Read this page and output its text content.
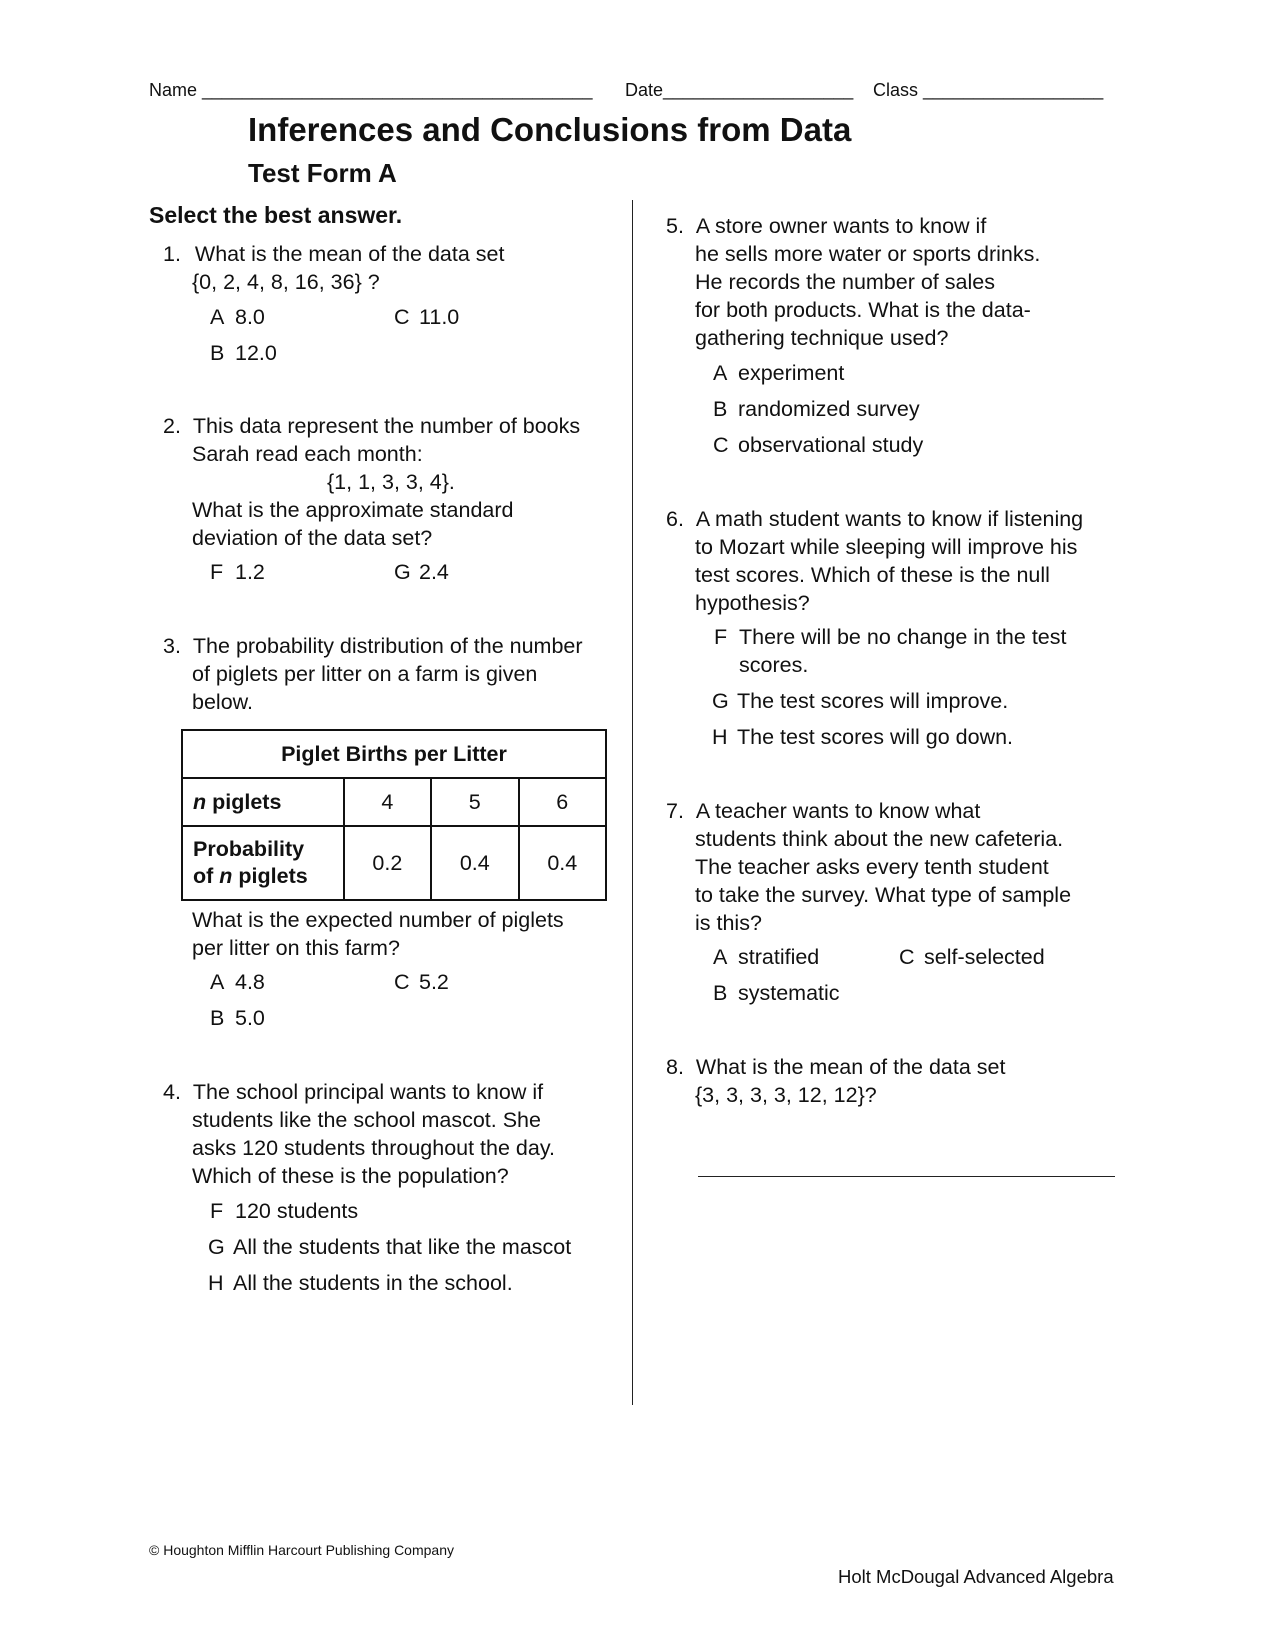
Name _______________________________________ Date___________________ Class __________________
Inferences and Conclusions from Data
Test Form A
Select the best answer.
1. What is the mean of the data set
{0, 2, 4, 8, 16, 36} ?
A 8.0	C 11.0
B 12.0
2. This data represent the number of books
Sarah read each month:
{1, 1, 3, 3, 4}.
What is the approximate standard
deviation of the data set?
F 1.2	G 2.4
3. The probability distribution of the number
of piglets per litter on a farm is given
below.
Piglet Births per Litter			
n piglets	4	5	6
Probability
of n piglets	0.2	0.4	0.4
What is the expected number of piglets
per litter on this farm?
A 4.8	C 5.2
B 5.0
4. The school principal wants to know if
students like the school mascot. She
asks 120 students throughout the day.
Which of these is the population?
F 120 students
G All the students that like the mascot
H All the students in the school.
5. A store owner wants to know if
he sells more water or sports drinks.
He records the number of sales
for both products. What is the data-
gathering technique used?
A experiment
B randomized survey
C observational study
6. A math student wants to know if listening
to Mozart while sleeping will improve his
test scores. Which of these is the null
hypothesis?
F There will be no change in the test
scores.
G The test scores will improve.
H The test scores will go down.
7. A teacher wants to know what
students think about the new cafeteria.
The teacher asks every tenth student
to take the survey. What type of sample
is this?
A stratified	C self-selected
B systematic
8. What is the mean of the data set
{3, 3, 3, 3, 12, 12}?
© Houghton Mifflin Harcourt Publishing Company
Holt McDougal Advanced Algebra
